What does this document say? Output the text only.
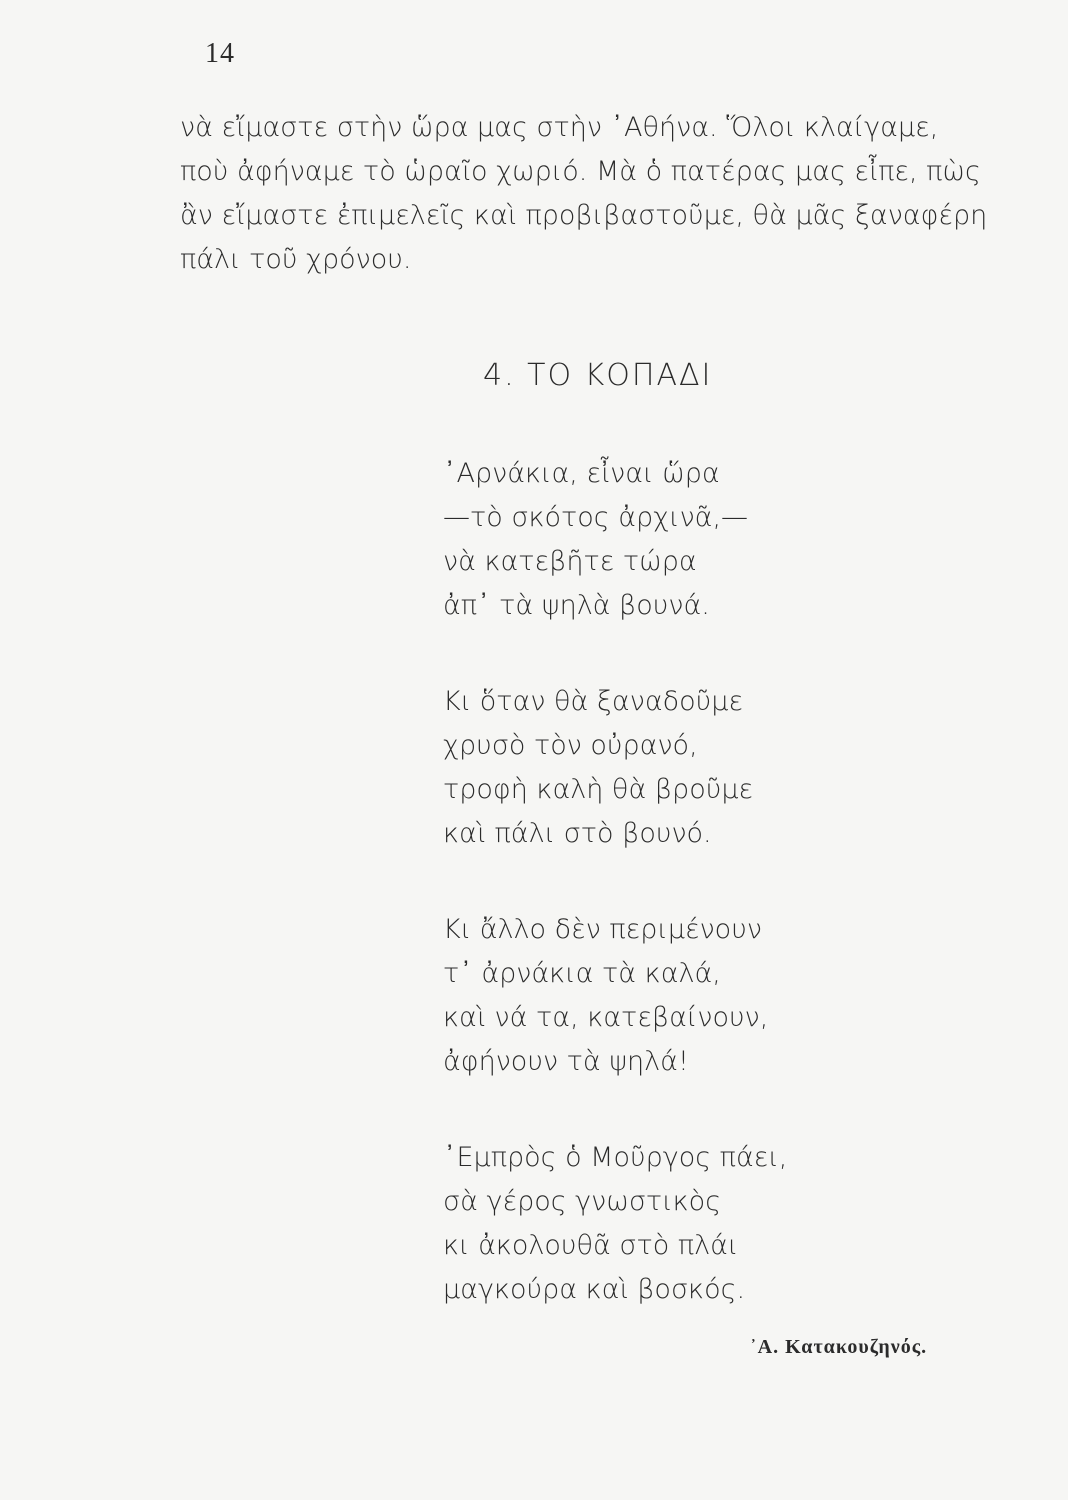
14
νὰ εἴμαστε στὴν ὥρα μας στὴν ᾿Αθήνα. Ὅλοι κλαίγαμε,
ποὺ ἀφήναμε τὸ ὡραῖο χωριό. Μὰ ὁ πατέρας μας εἶπε, πὼς
ἂν εἴμαστε ἐπιμελεῖς καὶ προβιβαστοῦμε, θὰ μᾶς ξαναφέρη
πάλι τοῦ χρόνου.
4. ΤΟ ΚΟΠΑΔΙ
᾿Αρνάκια, εἶναι ὥρα
—τὸ σκότος ἀρχινᾶ,—
νὰ κατεβῆτε τώρα
ἀπ᾿ τὰ ψηλὰ βουνά.
Κι ὅταν θὰ ξαναδοῦμε
χρυσὸ τὸν οὐρανό,
τροφὴ καλὴ θὰ βροῦμε
καὶ πάλι στὸ βουνό.
Κι ἄλλο δὲν περιμένουν
τ᾿ ἀρνάκια τὰ καλά,
καὶ νά τα, κατεβαίνουν,
ἀφήνουν τὰ ψηλά!
᾿Εμπρὸς ὁ Μοῦργος πάει,
σὰ γέρος γνωστικὸς
κι ἀκολουθᾶ στὸ πλάι
μαγκούρα καὶ βοσκός.
᾿Α. Κατακουζηνός.
